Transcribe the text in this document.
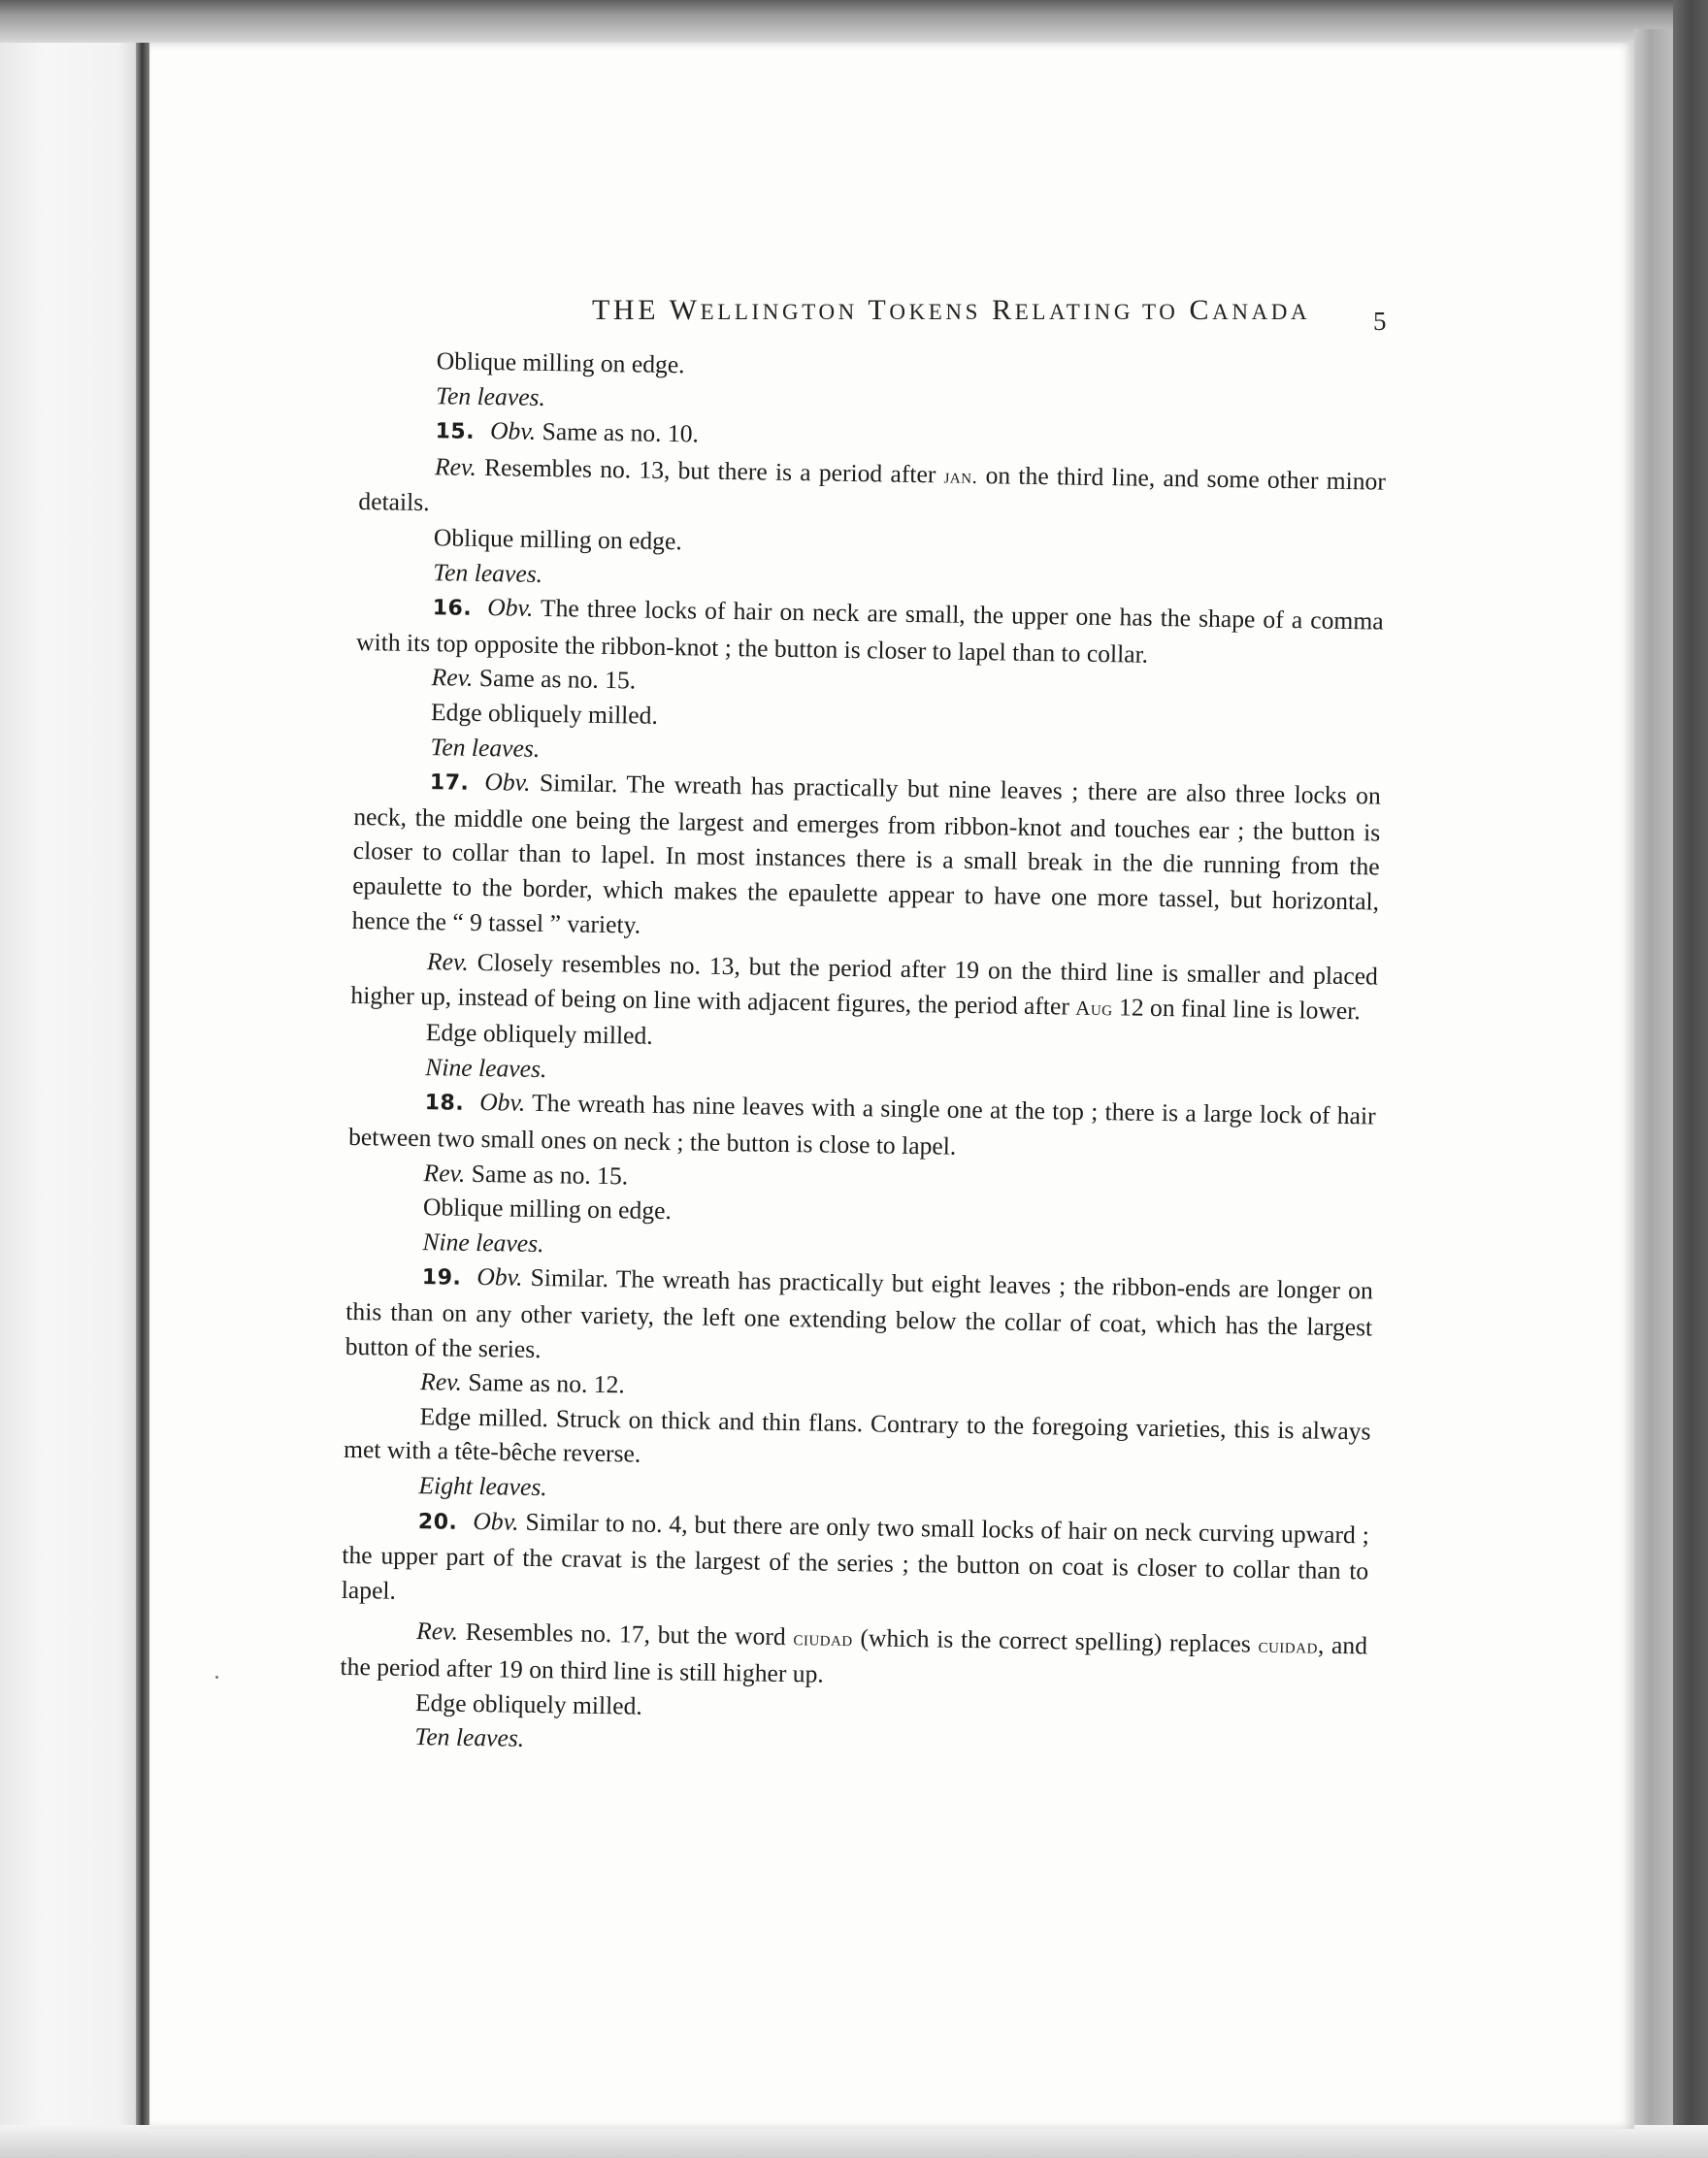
THE WELLINGTON TOKENS RELATING TO CANADA 5

Oblique milling on edge.

Ten leaves.

15. Obv. Same as no. 10.

Rev. Resembles no. 13, but there is a period after jan. on the third line, and some other minor details.

Oblique milling on edge.

Ten leaves.

16. Obv. The three locks of hair on neck are small, the upper one has the shape of a comma with its top opposite the ribbon-knot ; the button is closer to lapel than to collar.

Rev. Same as no. 15.

Edge obliquely milled.

Ten leaves.

17. Obv. Similar. The wreath has practically but nine leaves ; there are also three locks on neck, the middle one being the largest and emerges from ribbon-knot and touches ear ; the button is closer to collar than to lapel. In most instances there is a small break in the die running from the epaulette to the border, which makes the epaulette appear to have one more tassel, but horizontal, hence the “ 9 tassel ” variety.

Rev. Closely resembles no. 13, but the period after 19 on the third line is smaller and placed higher up, instead of being on line with adjacent figures, the period after Aug 12 on final line is lower.

Edge obliquely milled.

Nine leaves.

18. Obv. The wreath has nine leaves with a single one at the top ; there is a large lock of hair between two small ones on neck ; the button is close to lapel.

Rev. Same as no. 15.

Oblique milling on edge.

Nine leaves.

19. Obv. Similar. The wreath has practically but eight leaves ; the ribbon-ends are longer on this than on any other variety, the left one extending below the collar of coat, which has the largest button of the series.

Rev. Same as no. 12.

Edge milled. Struck on thick and thin flans. Contrary to the foregoing varieties, this is always met with a tête-bêche reverse.

Eight leaves.

20. Obv. Similar to no. 4, but there are only two small locks of hair on neck curving upward ; the upper part of the cravat is the largest of the series ; the button on coat is closer to collar than to lapel.

Rev. Resembles no. 17, but the word ciudad (which is the correct spelling) replaces cuidad, and the period after 19 on third line is still higher up.

Edge obliquely milled.

Ten leaves.
